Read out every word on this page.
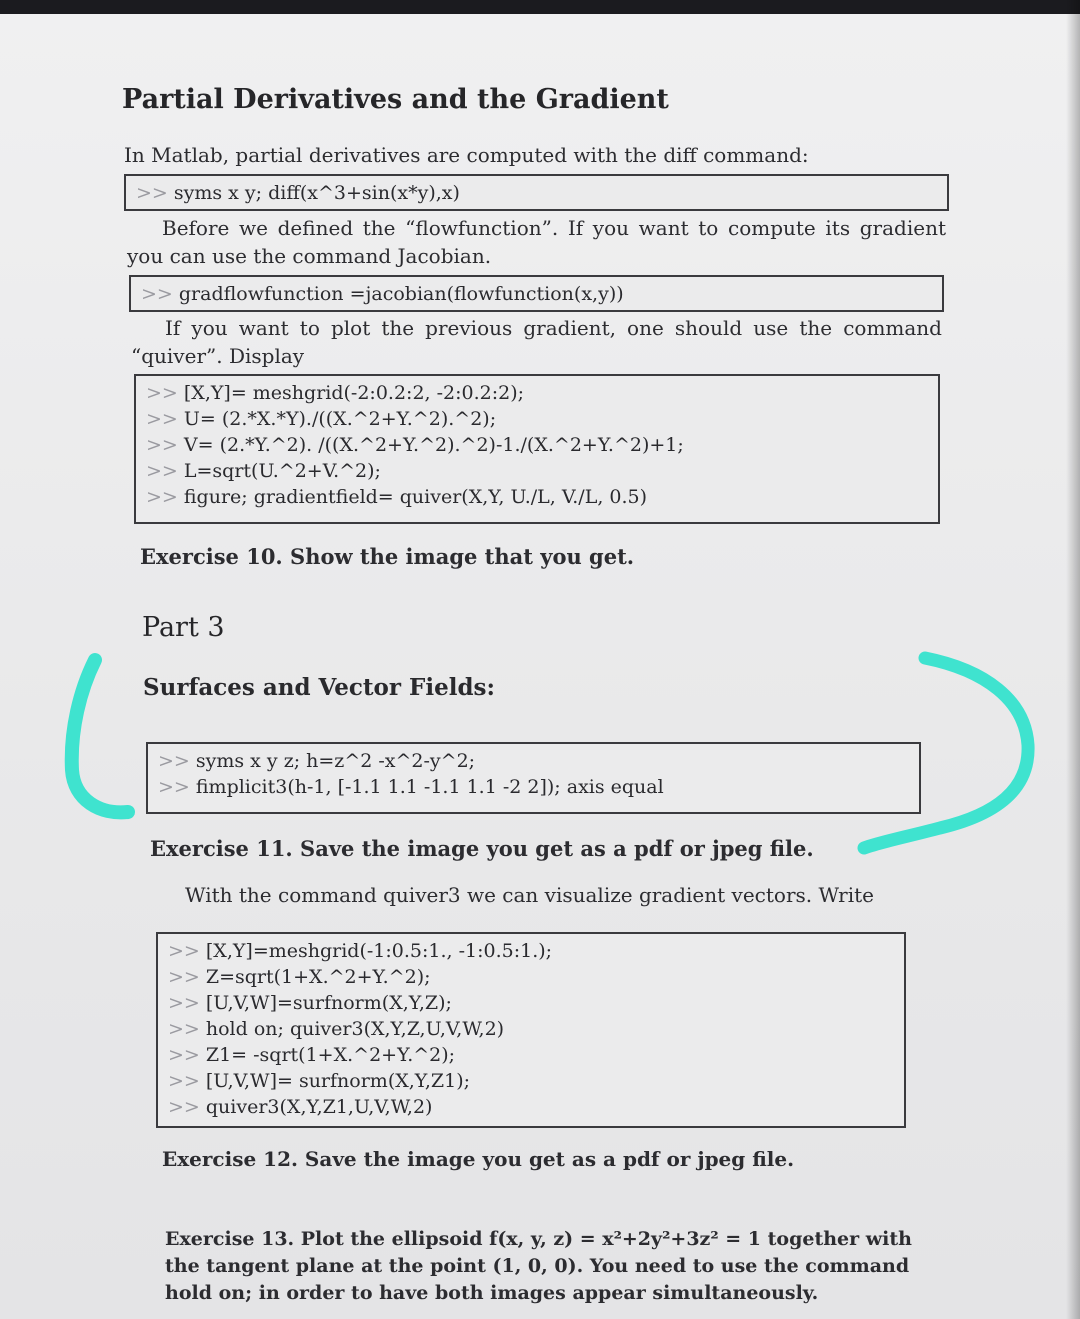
Partial Derivatives and the Gradient
In Matlab, partial derivatives are computed with the diff command:
>> syms x y; diff(x^3+sin(x*y),x)
Before we defined the “flowfunction”. If you want to compute its gradient
you can use the command Jacobian.
>> gradflowfunction =jacobian(flowfunction(x,y))
If you want to plot the previous gradient, one should use the command
“quiver”. Display
>> [X,Y]= meshgrid(-2:0.2:2, -2:0.2:2);
>> U= (2.*X.*Y)./((X.^2+Y.^2).^2);
>> V= (2.*Y.^2). /((X.^2+Y.^2).^2)-1./(X.^2+Y.^2)+1;
>> L=sqrt(U.^2+V.^2);
>> figure; gradientfield= quiver(X,Y, U./L, V./L, 0.5)
Exercise 10. Show the image that you get.
Part 3
Surfaces and Vector Fields:
>> syms x y z; h=z^2 -x^2-y^2;
>> fimplicit3(h-1, [-1.1 1.1 -1.1 1.1 -2 2]); axis equal
Exercise 11. Save the image you get as a pdf or jpeg file.
With the command quiver3 we can visualize gradient vectors. Write
>> [X,Y]=meshgrid(-1:0.5:1., -1:0.5:1.);
>> Z=sqrt(1+X.^2+Y.^2);
>> [U,V,W]=surfnorm(X,Y,Z);
>> hold on; quiver3(X,Y,Z,U,V,W,2)
>> Z1= -sqrt(1+X.^2+Y.^2);
>> [U,V,W]= surfnorm(X,Y,Z1);
>> quiver3(X,Y,Z1,U,V,W,2)
Exercise 12. Save the image you get as a pdf or jpeg file.
Exercise 13. Plot the ellipsoid f(x, y, z) = x²+2y²+3z² = 1 together with
the tangent plane at the point (1, 0, 0). You need to use the command
hold on; in order to have both images appear simultaneously.
